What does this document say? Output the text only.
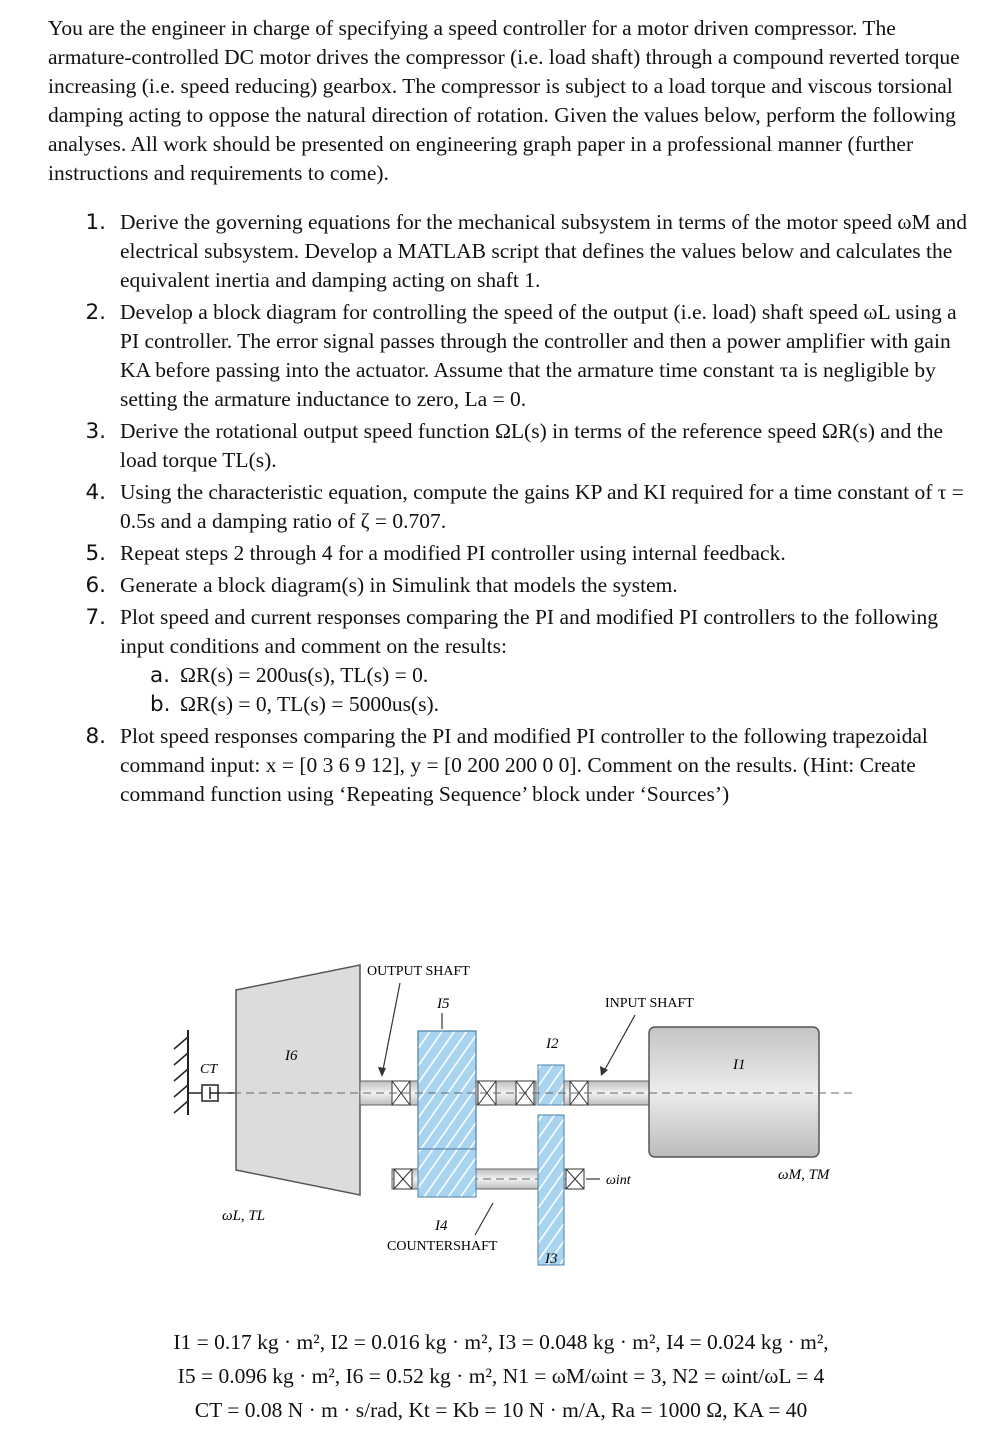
You are the engineer in charge of specifying a speed controller for a motor driven compressor. The armature-controlled DC motor drives the compressor (i.e. load shaft) through a compound reverted torque increasing (i.e. speed reducing) gearbox. The compressor is subject to a load torque and viscous torsional damping acting to oppose the natural direction of rotation. Given the values below, perform the following analyses. All work should be presented on engineering graph paper in a professional manner (further instructions and requirements to come).
1. Derive the governing equations for the mechanical subsystem in terms of the motor speed ωM and electrical subsystem. Develop a MATLAB script that defines the values below and calculates the equivalent inertia and damping acting on shaft 1.
2. Develop a block diagram for controlling the speed of the output (i.e. load) shaft speed ωL using a PI controller. The error signal passes through the controller and then a power amplifier with gain KA before passing into the actuator. Assume that the armature time constant τa is negligible by setting the armature inductance to zero, La = 0.
3. Derive the rotational output speed function ΩL(s) in terms of the reference speed ΩR(s) and the load torque TL(s).
4. Using the characteristic equation, compute the gains KP and KI required for a time constant of τ = 0.5s and a damping ratio of ζ = 0.707.
5. Repeat steps 2 through 4 for a modified PI controller using internal feedback.
6. Generate a block diagram(s) in Simulink that models the system.
7. Plot speed and current responses comparing the PI and modified PI controllers to the following input conditions and comment on the results:
a. ΩR(s) = 200us(s), TL(s) = 0.
b. ΩR(s) = 0, TL(s) = 5000us(s).
8. Plot speed responses comparing the PI and modified PI controller to the following trapezoidal command input: x = [0 3 6 9 12], y = [0 200 200 0 0]. Comment on the results. (Hint: Create command function using ‘Repeating Sequence’ block under ‘Sources’)
CT
I6
ωL, TL
I5
I2
I1
ωM, TM
I4
I3
OUTPUT SHAFT
INPUT SHAFT
COUNTERSHAFT
ωint
I1 = 0.17 kg · m², I2 = 0.016 kg · m², I3 = 0.048 kg · m², I4 = 0.024 kg · m²,
I5 = 0.096 kg · m², I6 = 0.52 kg · m², N1 = ωM/ωint = 3, N2 = ωint/ωL = 4
CT = 0.08 N · m · s/rad, Kt = Kb = 10 N · m/A, Ra = 1000 Ω, KA = 40
